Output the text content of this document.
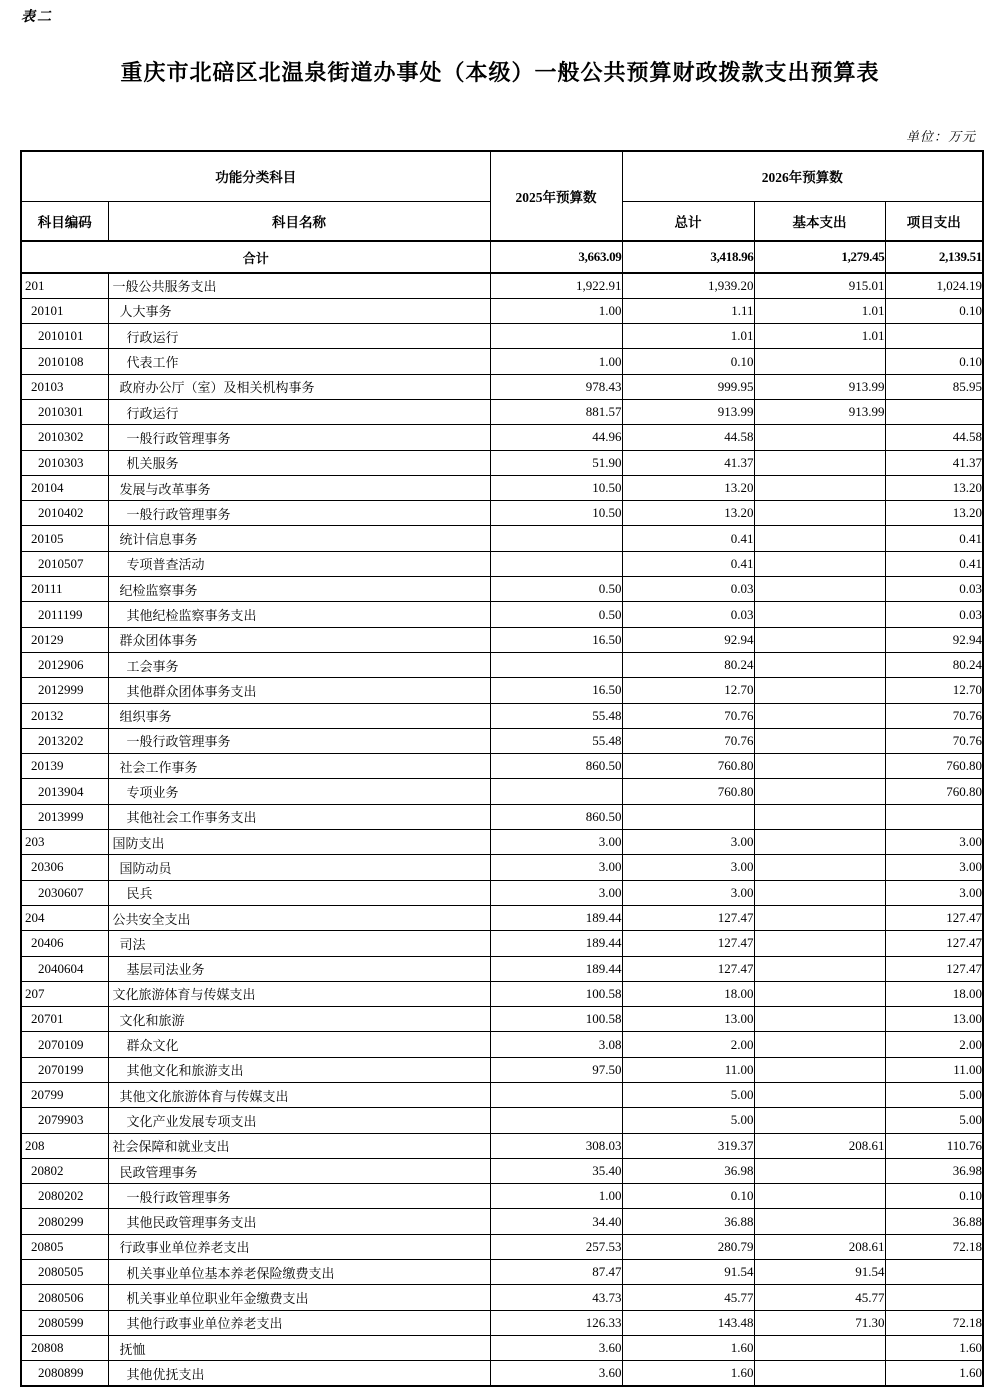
表二
重庆市北碚区北温泉街道办事处（本级）一般公共预算财政拨款支出预算表
单位：万元
功能分类科目		2025年预算数	2026年预算数		
科目编码	科目名称		总计	基本支出	项目支出
合计		3,663.09	3,418.96	1,279.45	2,139.51
201	一般公共服务支出	1,922.91	1,939.20	915.01	1,024.19
20101	人大事务	1.00	1.11	1.01	0.10
2010101	行政运行		1.01	1.01	
2010108	代表工作	1.00	0.10		0.10
20103	政府办公厅（室）及相关机构事务	978.43	999.95	913.99	85.95
2010301	行政运行	881.57	913.99	913.99	
2010302	一般行政管理事务	44.96	44.58		44.58
2010303	机关服务	51.90	41.37		41.37
20104	发展与改革事务	10.50	13.20		13.20
2010402	一般行政管理事务	10.50	13.20		13.20
20105	统计信息事务		0.41		0.41
2010507	专项普查活动		0.41		0.41
20111	纪检监察事务	0.50	0.03		0.03
2011199	其他纪检监察事务支出	0.50	0.03		0.03
20129	群众团体事务	16.50	92.94		92.94
2012906	工会事务		80.24		80.24
2012999	其他群众团体事务支出	16.50	12.70		12.70
20132	组织事务	55.48	70.76		70.76
2013202	一般行政管理事务	55.48	70.76		70.76
20139	社会工作事务	860.50	760.80		760.80
2013904	专项业务		760.80		760.80
2013999	其他社会工作事务支出	860.50			
203	国防支出	3.00	3.00		3.00
20306	国防动员	3.00	3.00		3.00
2030607	民兵	3.00	3.00		3.00
204	公共安全支出	189.44	127.47		127.47
20406	司法	189.44	127.47		127.47
2040604	基层司法业务	189.44	127.47		127.47
207	文化旅游体育与传媒支出	100.58	18.00		18.00
20701	文化和旅游	100.58	13.00		13.00
2070109	群众文化	3.08	2.00		2.00
2070199	其他文化和旅游支出	97.50	11.00		11.00
20799	其他文化旅游体育与传媒支出		5.00		5.00
2079903	文化产业发展专项支出		5.00		5.00
208	社会保障和就业支出	308.03	319.37	208.61	110.76
20802	民政管理事务	35.40	36.98		36.98
2080202	一般行政管理事务	1.00	0.10		0.10
2080299	其他民政管理事务支出	34.40	36.88		36.88
20805	行政事业单位养老支出	257.53	280.79	208.61	72.18
2080505	机关事业单位基本养老保险缴费支出	87.47	91.54	91.54	
2080506	机关事业单位职业年金缴费支出	43.73	45.77	45.77	
2080599	其他行政事业单位养老支出	126.33	143.48	71.30	72.18
20808	抚恤	3.60	1.60		1.60
2080899	其他优抚支出	3.60	1.60		1.60
